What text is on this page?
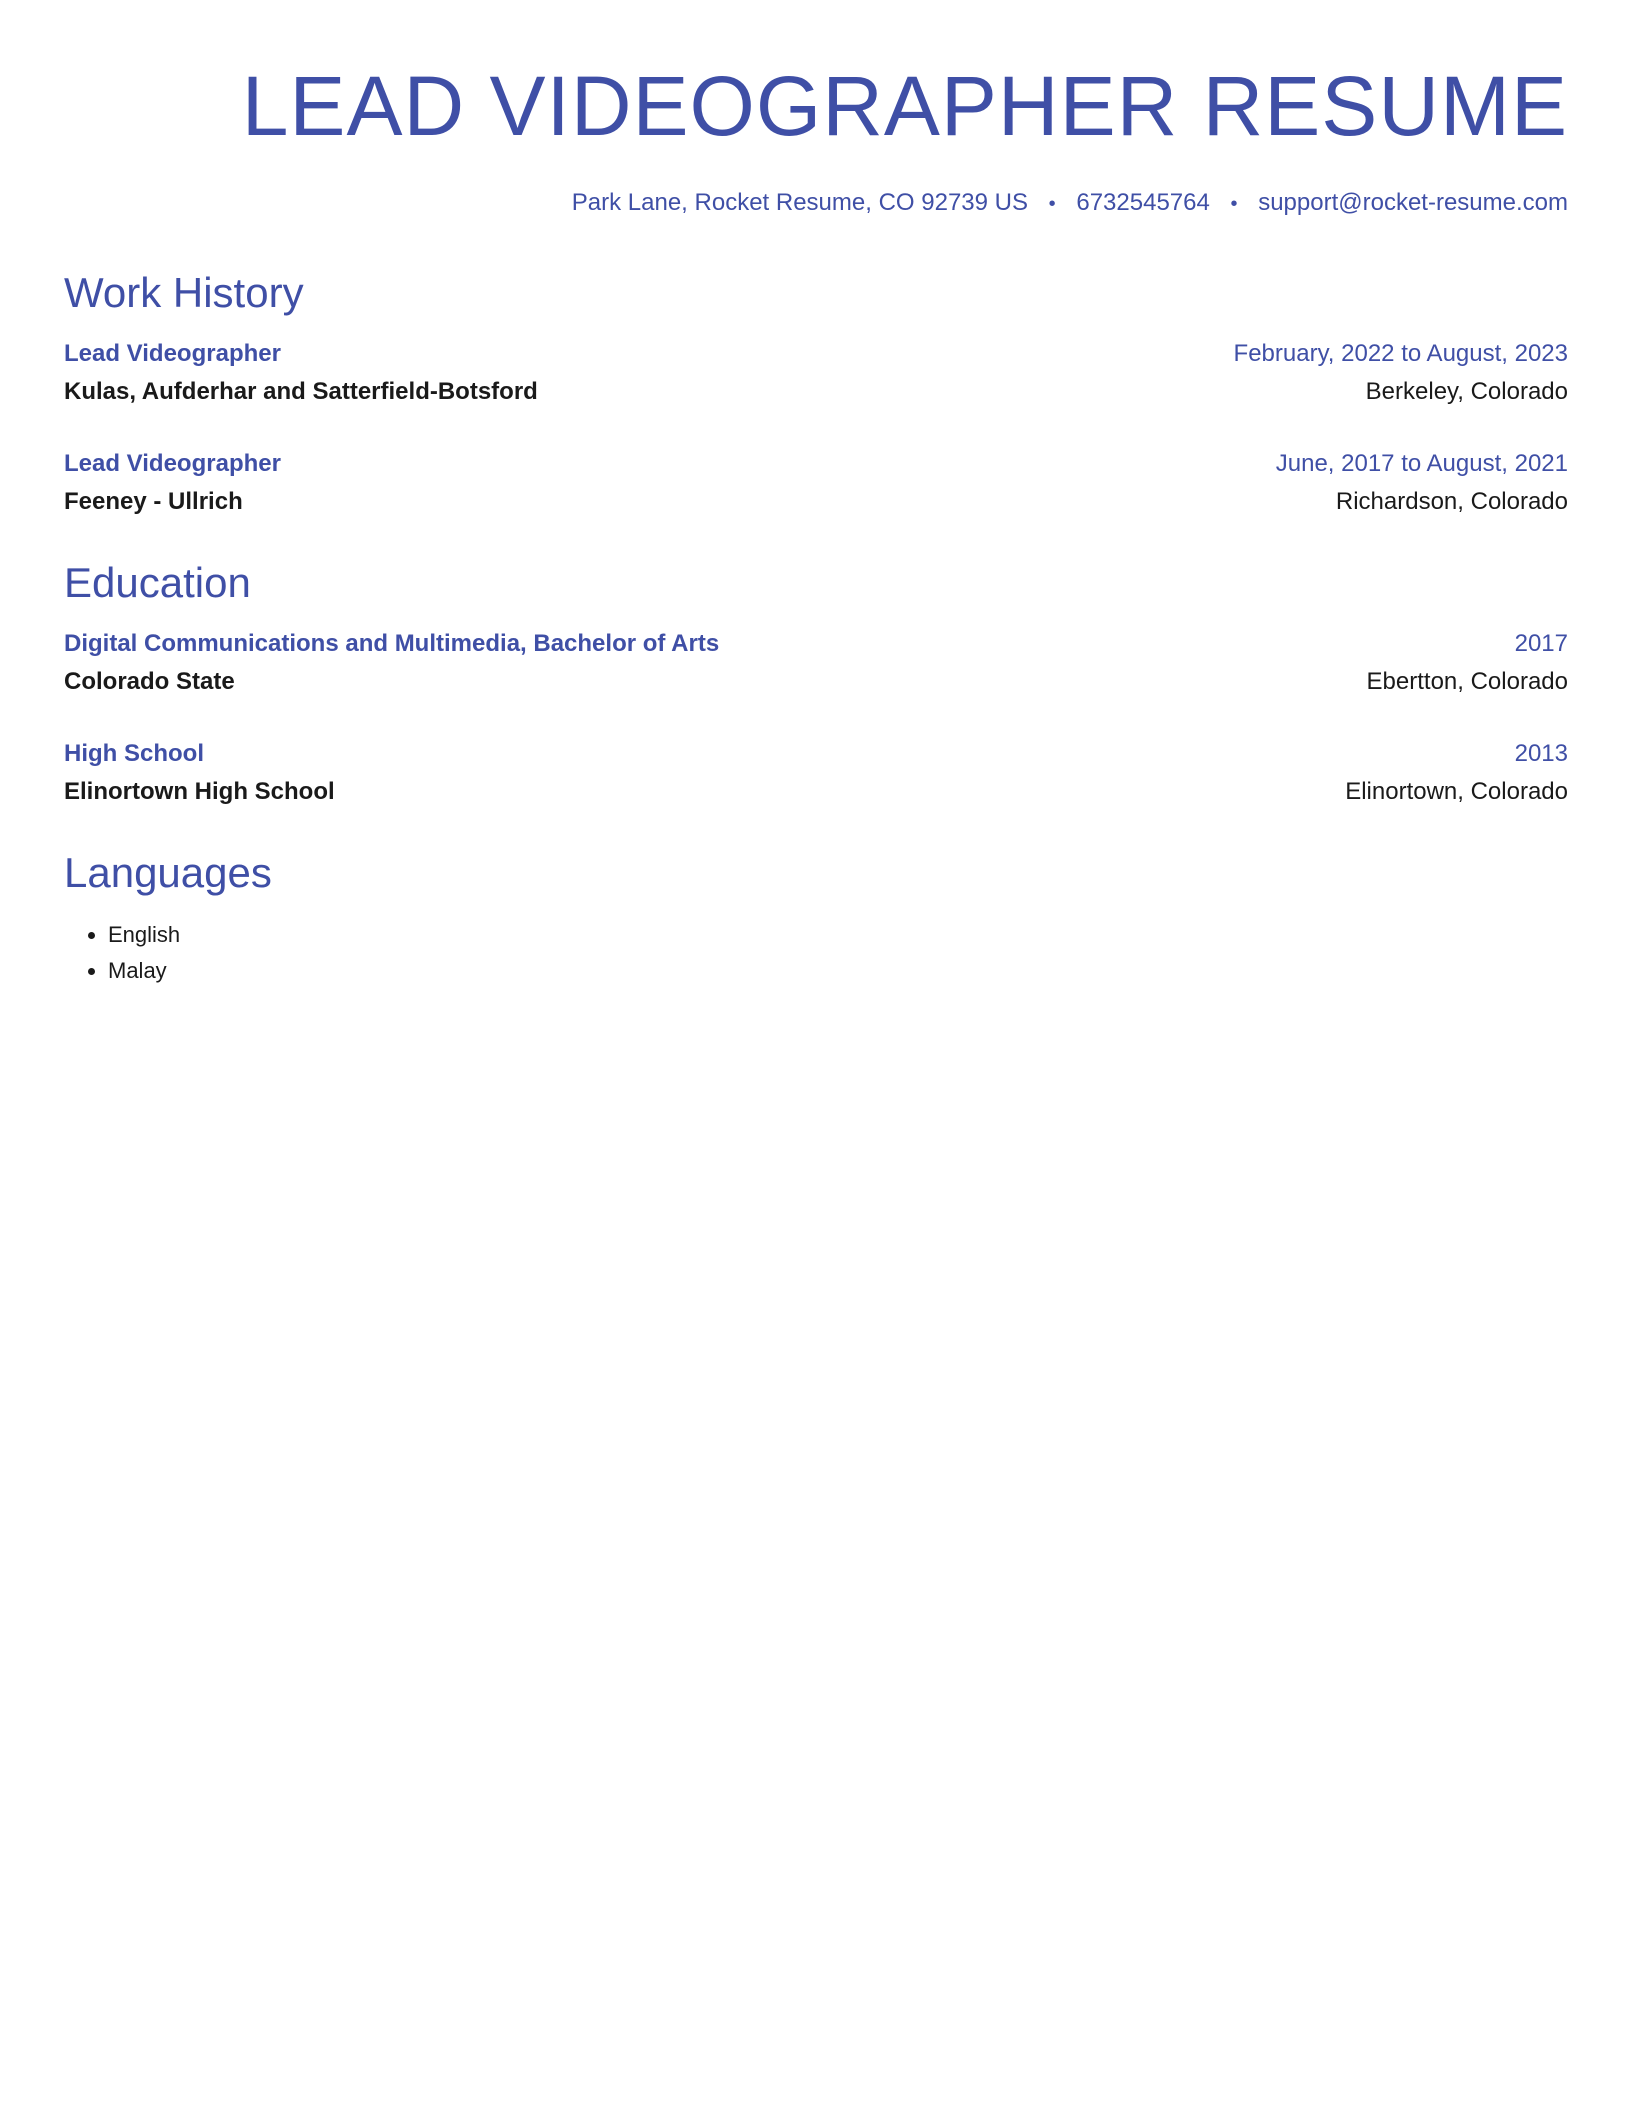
LEAD VIDEOGRAPHER RESUME
Park Lane, Rocket Resume, CO 92739 US • 6732545764 • support@rocket-resume.com
Work History
Lead Videographer	February, 2022 to August, 2023
Kulas, Aufderhar and Satterfield-Botsford	Berkeley, Colorado
Lead Videographer	June, 2017 to August, 2021
Feeney - Ullrich	Richardson, Colorado
Education
Digital Communications and Multimedia, Bachelor of Arts	2017
Colorado State	Ebertton, Colorado
High School	2013
Elinortown High School	Elinortown, Colorado
Languages
• English
• Malay
